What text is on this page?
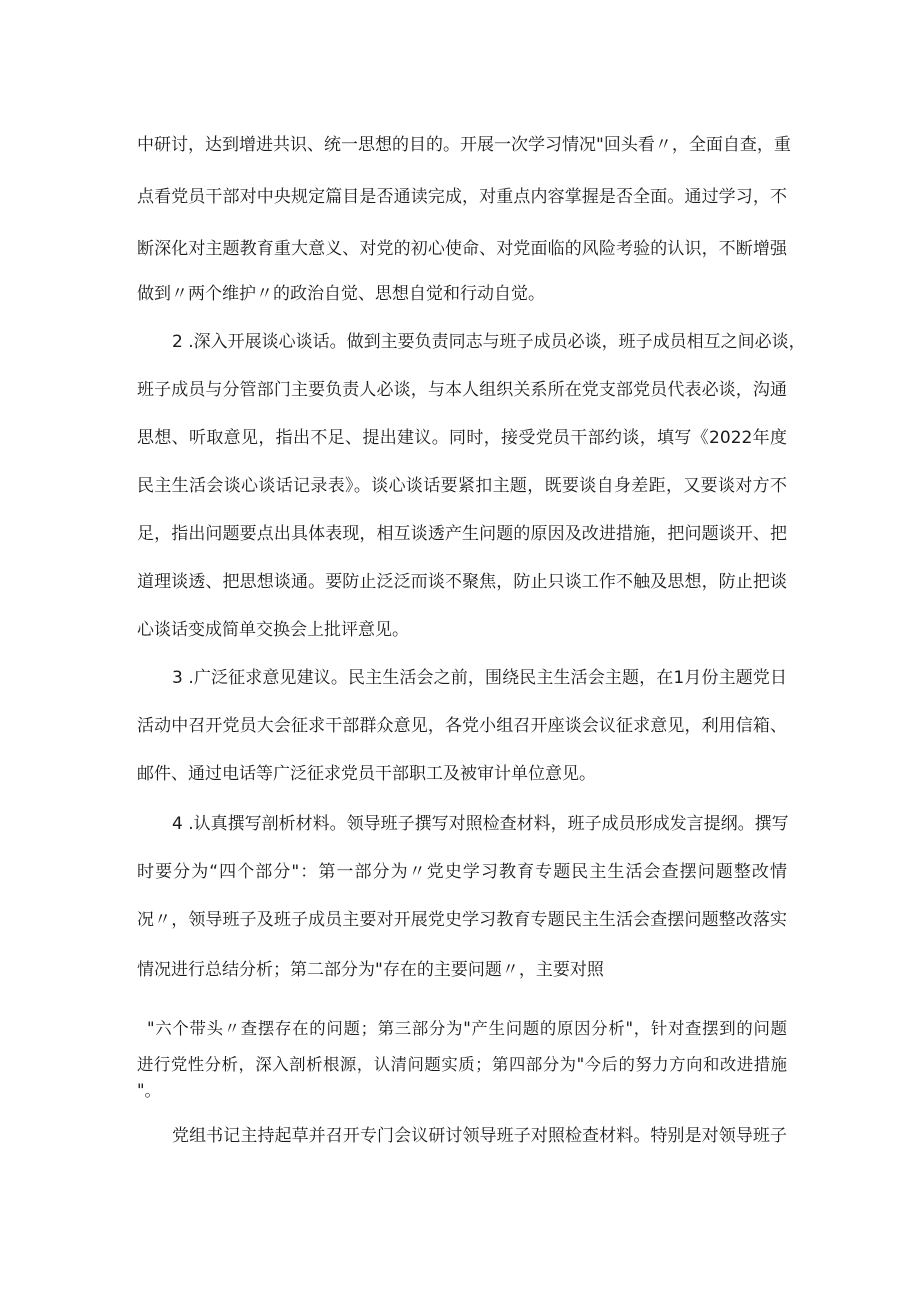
中研讨，达到增进共识、统一思想的目的。开展一次学习情况"回头看〃，全面自查，重
点看党员干部对中央规定篇目是否通读完成，对重点内容掌握是否全面。通过学习，不
断深化对主题教育重大意义、对党的初心使命、对党面临的风险考验的认识，不断增强
做到〃两个维护〃的政治自觉、思想自觉和行动自觉。
2 .深入开展谈心谈话。做到主要负责同志与班子成员必谈，班子成员相互之间必谈，
班子成员与分管部门主要负责人必谈，与本人组织关系所在党支部党员代表必谈，沟通
思想、听取意见，指出不足、提出建议。同时，接受党员干部约谈，填写《2022年度
民主生活会谈心谈话记录表》。谈心谈话要紧扣主题，既要谈自身差距，又要谈对方不
足，指出问题要点出具体表现，相互谈透产生问题的原因及改进措施，把问题谈开、把
道理谈透、把思想谈通。要防止泛泛而谈不聚焦，防止只谈工作不触及思想，防止把谈
心谈话变成简单交换会上批评意见。
3 .广泛征求意见建议。民主生活会之前，围绕民主生活会主题，在1月份主题党日
活动中召开党员大会征求干部群众意见，各党小组召开座谈会议征求意见，利用信箱、
邮件、通过电话等广泛征求党员干部职工及被审计单位意见。
4 .认真撰写剖析材料。领导班子撰写对照检查材料，班子成员形成发言提纲。撰写
时要分为“四个部分"：第一部分为〃党史学习教育专题民主生活会查摆问题整改情
况〃，领导班子及班子成员主要对开展党史学习教育专题民主生活会查摆问题整改落实
情况进行总结分析；第二部分为"存在的主要问题〃，主要对照
"六个带头〃查摆存在的问题；第三部分为"产生问题的原因分析"，针对查摆到的问题
进行党性分析，深入剖析根源，认清问题实质；第四部分为"今后的努力方向和改进措施
"。
党组书记主持起草并召开专门会议研讨领导班子对照检查材料。特别是对领导班子
